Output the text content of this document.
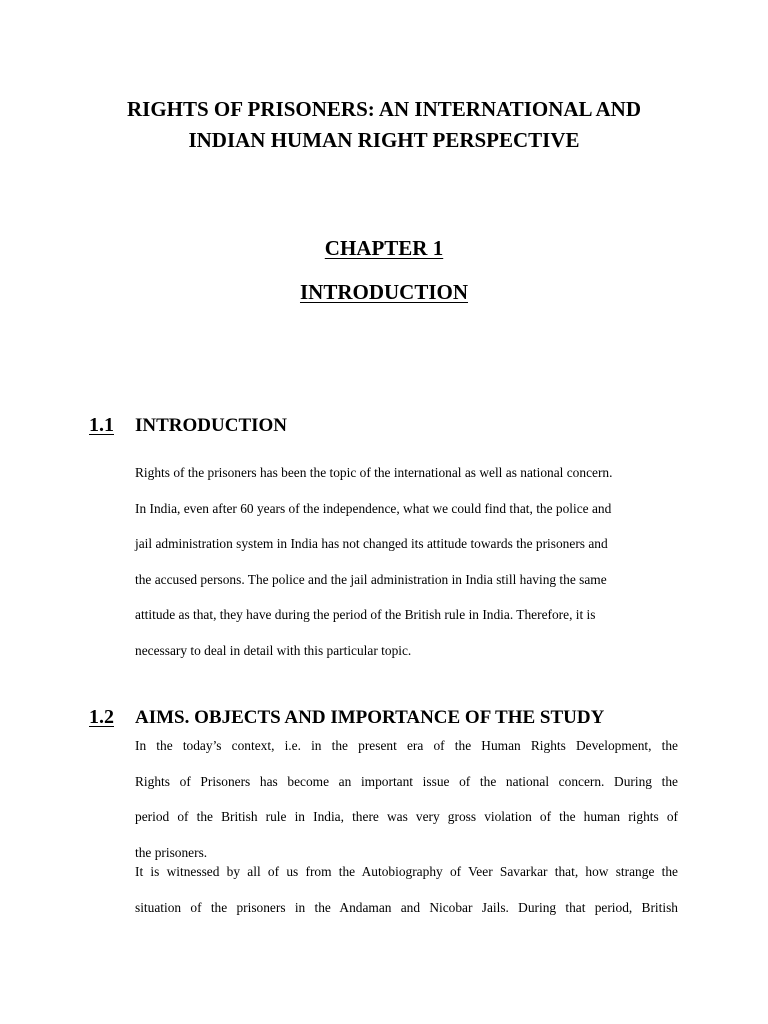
RIGHTS OF PRISONERS: AN INTERNATIONAL AND
INDIAN HUMAN RIGHT PERSPECTIVE
CHAPTER 1
INTRODUCTION
1.1 INTRODUCTION
Rights of the prisoners has been the topic of the international as well as national concern.
In India, even after 60 years of the independence, what we could find that, the police and
jail administration system in India has not changed its attitude towards the prisoners and
the accused persons. The police and the jail administration in India still having the same
attitude as that, they have during the period of the British rule in India. Therefore, it is
necessary to deal in detail with this particular topic.
1.2 AIMS. OBJECTS AND IMPORTANCE OF THE STUDY
In the today’s context, i.e. in the present era of the Human Rights Development, the
Rights of Prisoners has become an important issue of the national concern. During the
period of the British rule in India, there was very gross violation of the human rights of
the prisoners.
It is witnessed by all of us from the Autobiography of Veer Savarkar that, how strange the
situation of the prisoners in the Andaman and Nicobar Jails. During that period, British
